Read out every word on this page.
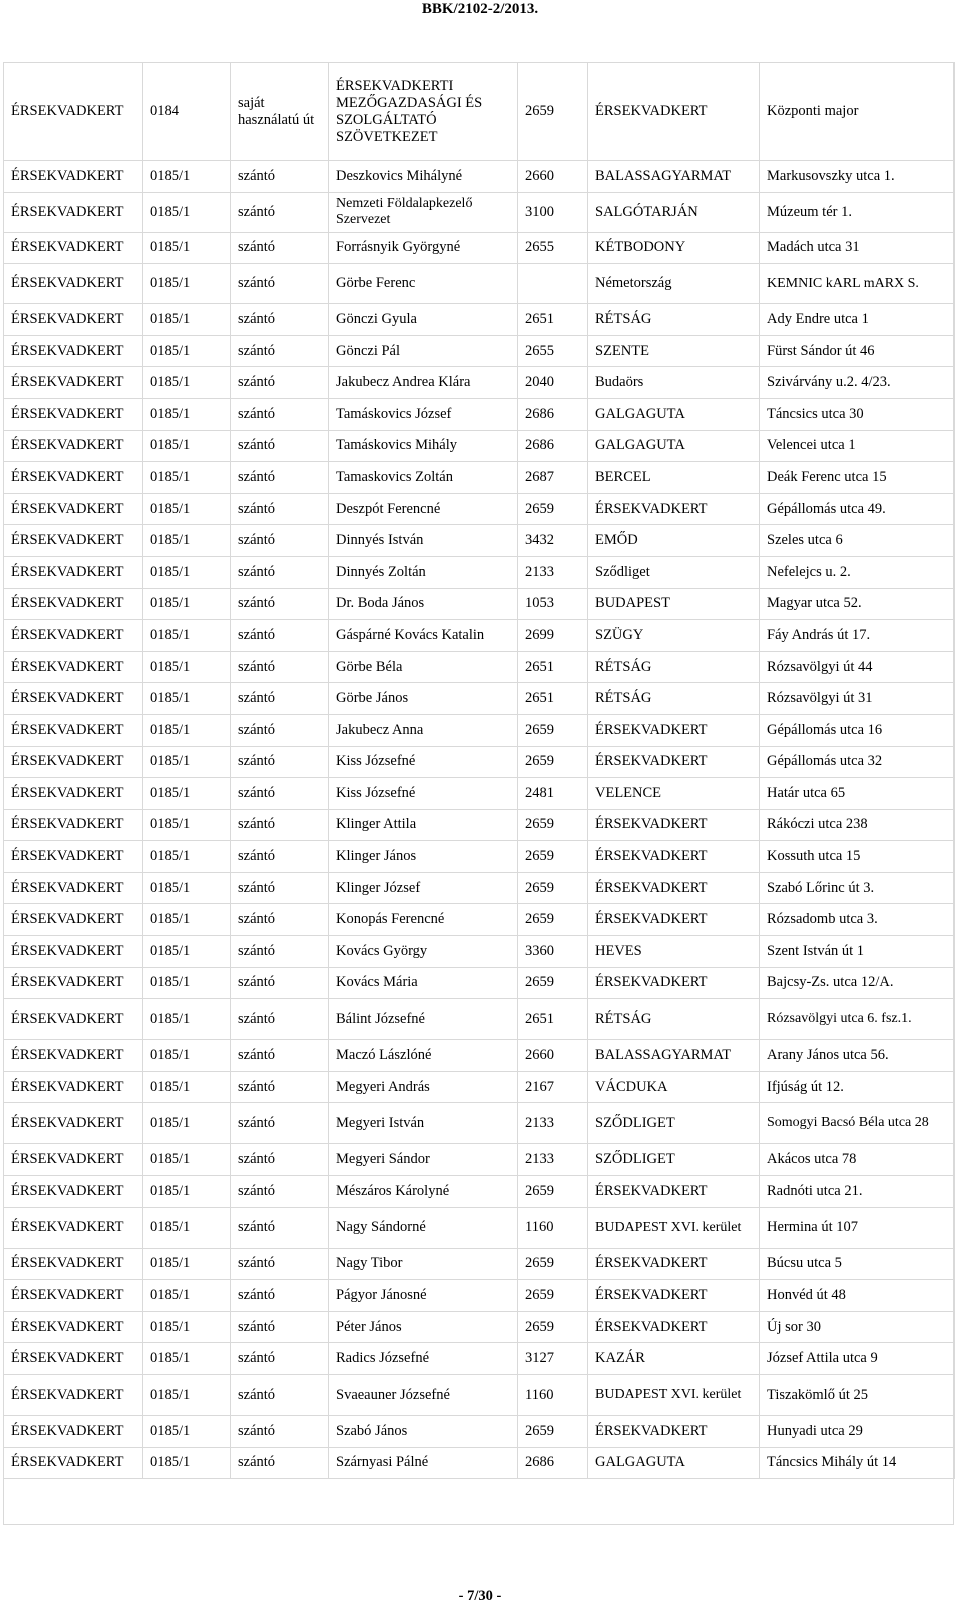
BBK/2102-2/2013.
ÉRSEKVADKERT	0184	saját
használatú út	ÉRSEKVADKERTI
MEZŐGAZDASÁGI ÉS
SZOLGÁLTATÓ
SZÖVETKEZET	2659	ÉRSEKVADKERT	Központi major
ÉRSEKVADKERT	0185/1	szántó	Deszkovics Mihályné	2660	BALASSAGYARMAT	Markusovszky utca 1.
ÉRSEKVADKERT	0185/1	szántó	Nemzeti Földalapkezelő Szervezet	3100	SALGÓTARJÁN	Múzeum tér 1.
ÉRSEKVADKERT	0185/1	szántó	Forrásnyik Györgyné	2655	KÉTBODONY	Madách utca 31
ÉRSEKVADKERT	0185/1	szántó	Görbe Ferenc		Németország	KEMNIC kARL mARX S.
ÉRSEKVADKERT	0185/1	szántó	Gönczi Gyula	2651	RÉTSÁG	Ady Endre utca 1
ÉRSEKVADKERT	0185/1	szántó	Gönczi Pál	2655	SZENTE	Fürst Sándor út 46
ÉRSEKVADKERT	0185/1	szántó	Jakubecz Andrea Klára	2040	Budaörs	Szivárvány u.2. 4/23.
ÉRSEKVADKERT	0185/1	szántó	Tamáskovics József	2686	GALGAGUTA	Táncsics utca 30
ÉRSEKVADKERT	0185/1	szántó	Tamáskovics Mihály	2686	GALGAGUTA	Velencei utca 1
ÉRSEKVADKERT	0185/1	szántó	Tamaskovics Zoltán	2687	BERCEL	Deák Ferenc utca 15
ÉRSEKVADKERT	0185/1	szántó	Deszpót Ferencné	2659	ÉRSEKVADKERT	Gépállomás utca 49.
ÉRSEKVADKERT	0185/1	szántó	Dinnyés István	3432	EMŐD	Szeles utca 6
ÉRSEKVADKERT	0185/1	szántó	Dinnyés Zoltán	2133	Sződliget	Nefelejcs u. 2.
ÉRSEKVADKERT	0185/1	szántó	Dr. Boda János	1053	BUDAPEST	Magyar utca 52.
ÉRSEKVADKERT	0185/1	szántó	Gáspárné Kovács Katalin	2699	SZÜGY	Fáy András út 17.
ÉRSEKVADKERT	0185/1	szántó	Görbe Béla	2651	RÉTSÁG	Rózsavölgyi út 44
ÉRSEKVADKERT	0185/1	szántó	Görbe János	2651	RÉTSÁG	Rózsavölgyi út 31
ÉRSEKVADKERT	0185/1	szántó	Jakubecz Anna	2659	ÉRSEKVADKERT	Gépállomás utca 16
ÉRSEKVADKERT	0185/1	szántó	Kiss Józsefné	2659	ÉRSEKVADKERT	Gépállomás utca 32
ÉRSEKVADKERT	0185/1	szántó	Kiss Józsefné	2481	VELENCE	Határ utca 65
ÉRSEKVADKERT	0185/1	szántó	Klinger Attila	2659	ÉRSEKVADKERT	Rákóczi utca 238
ÉRSEKVADKERT	0185/1	szántó	Klinger János	2659	ÉRSEKVADKERT	Kossuth utca 15
ÉRSEKVADKERT	0185/1	szántó	Klinger József	2659	ÉRSEKVADKERT	Szabó Lőrinc út 3.
ÉRSEKVADKERT	0185/1	szántó	Konopás Ferencné	2659	ÉRSEKVADKERT	Rózsadomb utca 3.
ÉRSEKVADKERT	0185/1	szántó	Kovács György	3360	HEVES	Szent István út 1
ÉRSEKVADKERT	0185/1	szántó	Kovács Mária	2659	ÉRSEKVADKERT	Bajcsy-Zs. utca 12/A.
ÉRSEKVADKERT	0185/1	szántó	Bálint Józsefné	2651	RÉTSÁG	Rózsavölgyi utca 6. fsz.1.
ÉRSEKVADKERT	0185/1	szántó	Maczó Lászlóné	2660	BALASSAGYARMAT	Arany János utca 56.
ÉRSEKVADKERT	0185/1	szántó	Megyeri András	2167	VÁCDUKA	Ifjúság út 12.
ÉRSEKVADKERT	0185/1	szántó	Megyeri István	2133	SZŐDLIGET	Somogyi Bacsó Béla utca 28
ÉRSEKVADKERT	0185/1	szántó	Megyeri Sándor	2133	SZŐDLIGET	Akácos utca 78
ÉRSEKVADKERT	0185/1	szántó	Mészáros Károlyné	2659	ÉRSEKVADKERT	Radnóti utca 21.
ÉRSEKVADKERT	0185/1	szántó	Nagy Sándorné	1160	BUDAPEST XVI. kerület	Hermina út 107
ÉRSEKVADKERT	0185/1	szántó	Nagy Tibor	2659	ÉRSEKVADKERT	Búcsu utca 5
ÉRSEKVADKERT	0185/1	szántó	Págyor Jánosné	2659	ÉRSEKVADKERT	Honvéd út 48
ÉRSEKVADKERT	0185/1	szántó	Péter János	2659	ÉRSEKVADKERT	Új sor 30
ÉRSEKVADKERT	0185/1	szántó	Radics Józsefné	3127	KAZÁR	József Attila utca 9
ÉRSEKVADKERT	0185/1	szántó	Svaeauner Józsefné	1160	BUDAPEST XVI. kerület	Tiszakömlő út 25
ÉRSEKVADKERT	0185/1	szántó	Szabó János	2659	ÉRSEKVADKERT	Hunyadi utca 29
ÉRSEKVADKERT	0185/1	szántó	Szárnyasi Pálné	2686	GALGAGUTA	Táncsics Mihály út 14
- 7/30 -
